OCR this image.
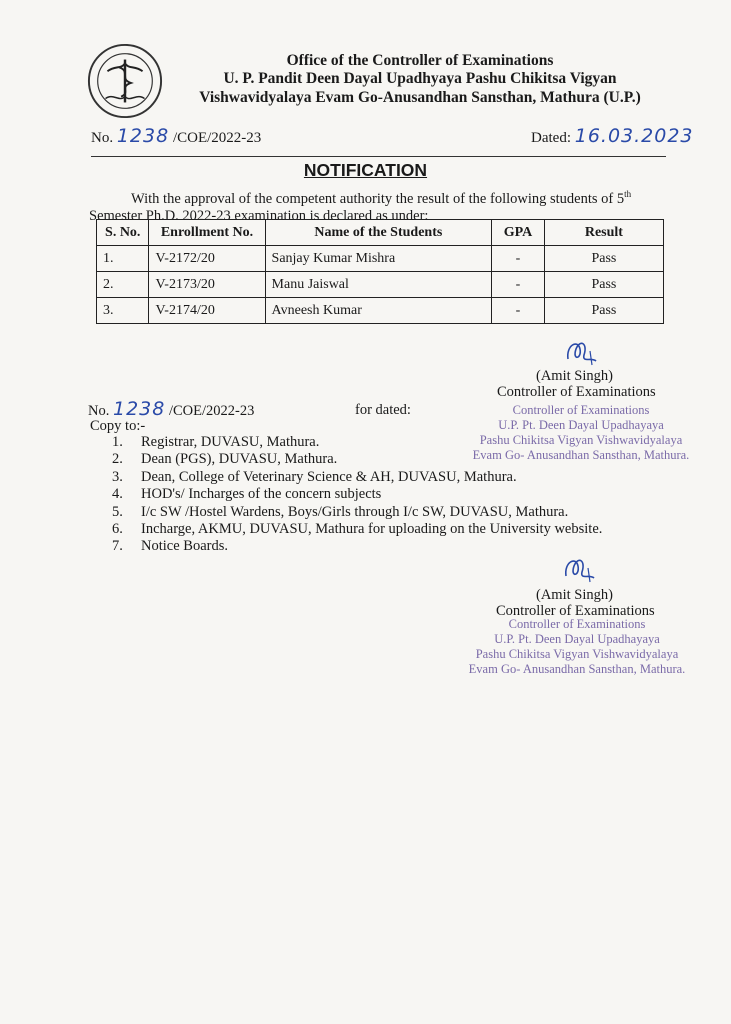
Office of the Controller of Examinations
U. P. Pandit Deen Dayal Upadhyaya Pashu Chikitsa Vigyan
Vishwavidyalaya Evam Go-Anusandhan Sansthan, Mathura (U.P.)
No. 1238 /COE/2022-23	Dated: 16.03.2023
NOTIFICATION
With the approval of the competent authority the result of the following students of 5th Semester Ph.D. 2022-23 examination is declared as under:
S. No.	Enrollment No.	Name of the Students	GPA	Result
1.	V-2172/20	Sanjay Kumar Mishra	-	Pass
2.	V-2173/20	Manu Jaiswal	-	Pass
3.	V-2174/20	Avneesh Kumar	-	Pass
(Amit Singh)
Controller of Examinations
Controller of Examinations
U.P. Pt. Deen Dayal Upadhayaya
Pashu Chikitsa Vigyan Vishwavidyalaya
Evam Go- Anusandhan Sansthan, Mathura.
No. 1238 /COE/2022-23	for dated:
Copy to:-
1. Registrar, DUVASU, Mathura.
2. Dean (PGS), DUVASU, Mathura.
3. Dean, College of Veterinary Science & AH, DUVASU, Mathura.
4. HOD's/ Incharges of the concern subjects
5. I/c SW /Hostel Wardens, Boys/Girls through I/c SW, DUVASU, Mathura.
6. Incharge, AKMU, DUVASU, Mathura for uploading on the University website.
7. Notice Boards.
(Amit Singh)
Controller of Examinations
Controller of Examinations
U.P. Pt. Deen Dayal Upadhayaya
Pashu Chikitsa Vigyan Vishwavidyalaya
Evam Go- Anusandhan Sansthan, Mathura.
